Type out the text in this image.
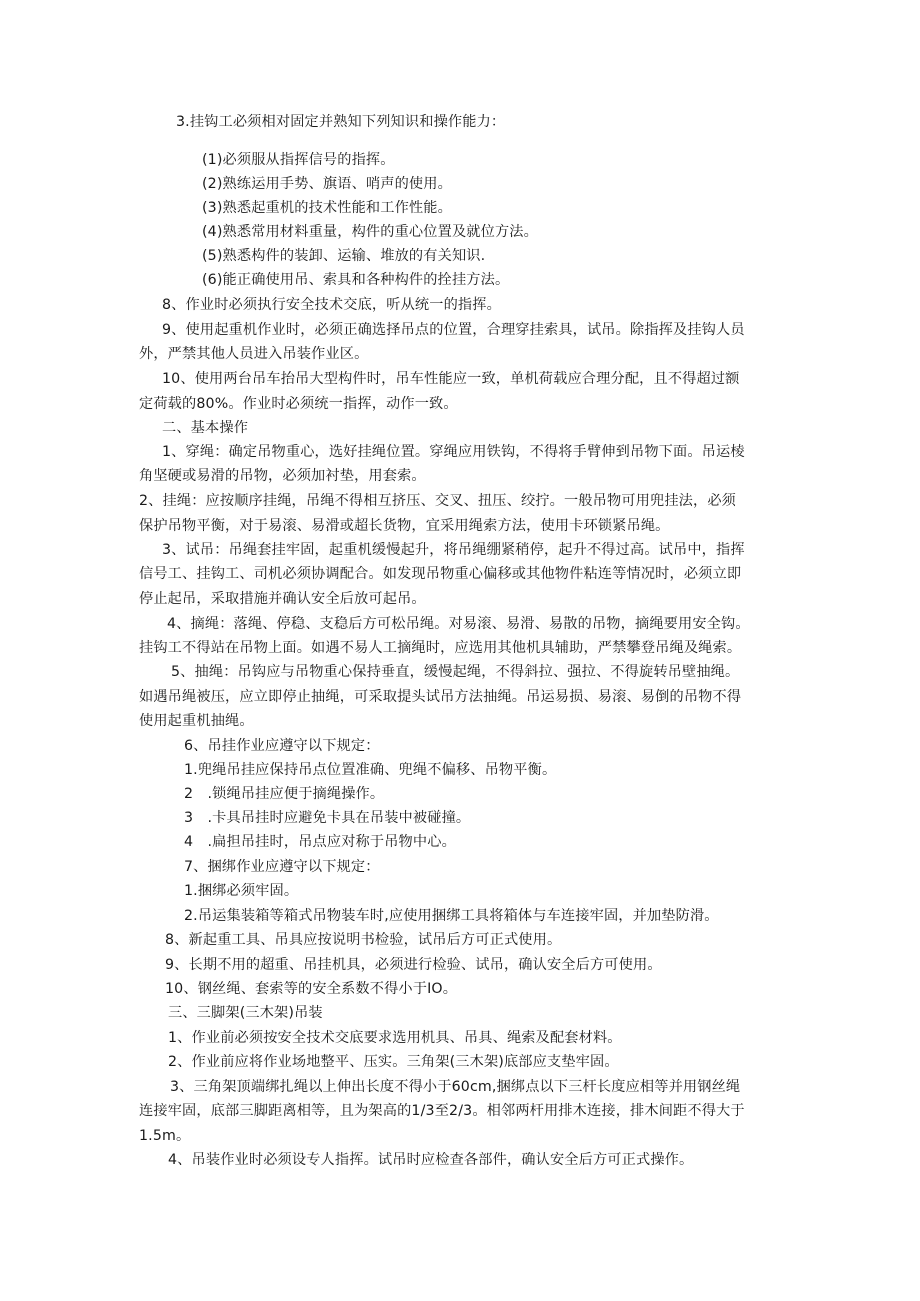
3.挂钩工必须相对固定并熟知下列知识和操作能力：
(1)必须服从指挥信号的指挥。
(2)熟练运用手势、旗语、哨声的使用。
(3)熟悉起重机的技术性能和工作性能。
(4)熟悉常用材料重量，构件的重心位置及就位方法。
(5)熟悉构件的装卸、运输、堆放的有关知识.
(6)能正确使用吊、索具和各种构件的拴挂方法。
8、作业时必须执行安全技术交底，听从统一的指挥。
9、使用起重机作业时，必须正确选择吊点的位置，合理穿挂索具，试吊。除指挥及挂钩人员
外，严禁其他人员进入吊装作业区。
10、使用两台吊车抬吊大型构件时，吊车性能应一致，单机荷载应合理分配，且不得超过额
定荷载的80%。作业时必须统一指挥，动作一致。
二、基本操作
1、穿绳：确定吊物重心，选好挂绳位置。穿绳应用铁钩，不得将手臂伸到吊物下面。吊运棱
角坚硬或易滑的吊物，必须加衬垫，用套索。
2、挂绳：应按顺序挂绳，吊绳不得相互挤压、交叉、扭压、绞拧。一般吊物可用兜挂法，必须
保护吊物平衡，对于易滚、易滑或超长货物，宜采用绳索方法，使用卡环锁紧吊绳。
3、试吊：吊绳套挂牢固，起重机缓慢起升，将吊绳绷紧稍停，起升不得过高。试吊中，指挥
信号工、挂钩工、司机必须协调配合。如发现吊物重心偏移或其他物件粘连等情况时，必须立即
停止起吊，采取措施并确认安全后放可起吊。
4、摘绳：落绳、停稳、支稳后方可松吊绳。对易滚、易滑、易散的吊物，摘绳要用安全钩。
挂钩工不得站在吊物上面。如遇不易人工摘绳时，应选用其他机具辅助，严禁攀登吊绳及绳索。
5、抽绳：吊钩应与吊物重心保持垂直，缓慢起绳，不得斜拉、强拉、不得旋转吊壁抽绳。
如遇吊绳被压，应立即停止抽绳，可采取提头试吊方法抽绳。吊运易损、易滚、易倒的吊物不得
使用起重机抽绳。
6、吊挂作业应遵守以下规定：
1.兜绳吊挂应保持吊点位置准确、兜绳不偏移、吊物平衡。
2　.锁绳吊挂应便于摘绳操作。
3　.卡具吊挂时应避免卡具在吊装中被碰撞。
4　.扁担吊挂时，吊点应对称于吊物中心。
7、捆绑作业应遵守以下规定：
1.捆绑必须牢固。
2.吊运集装箱等箱式吊物装车时,应使用捆绑工具将箱体与车连接牢固，并加垫防滑。
8、新起重工具、吊具应按说明书检验，试吊后方可正式使用。
9、长期不用的超重、吊挂机具，必须进行检验、试吊，确认安全后方可使用。
10、钢丝绳、套索等的安全系数不得小于IO。
三、三脚架(三木架)吊装
1、作业前必须按安全技术交底要求选用机具、吊具、绳索及配套材料。
2、作业前应将作业场地整平、压实。三角架(三木架)底部应支垫牢固。
3、三角架顶端绑扎绳以上伸出长度不得小于60cm,捆绑点以下三杆长度应相等并用钢丝绳
连接牢固，底部三脚距离相等，且为架高的1/3至2/3。相邻两杆用排木连接，排木间距不得大于
1.5m。
4、吊装作业时必须设专人指挥。试吊时应检查各部件，确认安全后方可正式操作。
